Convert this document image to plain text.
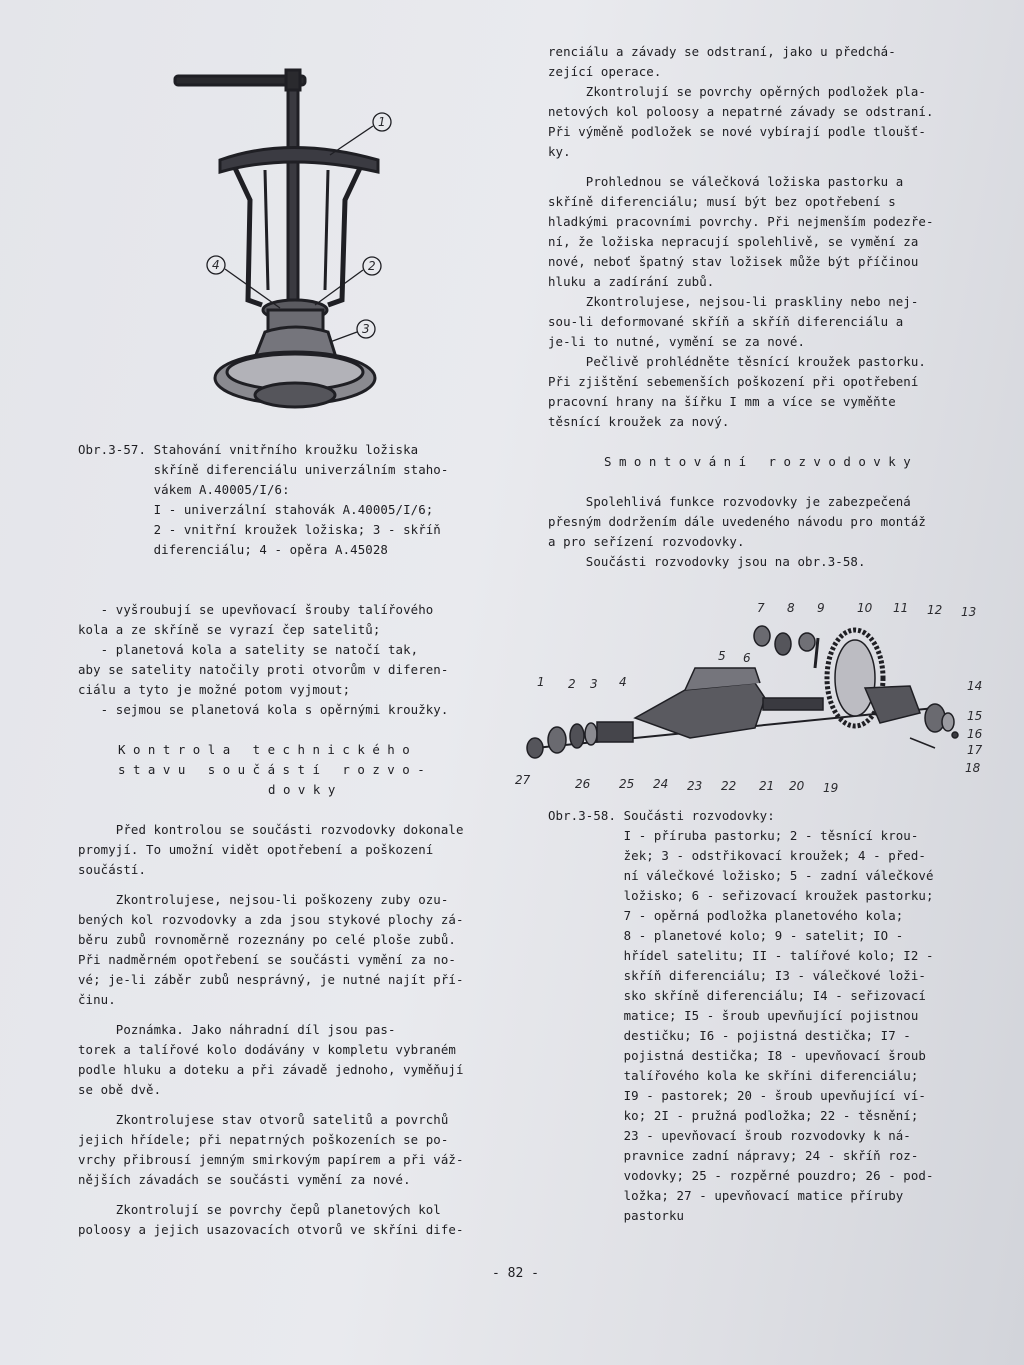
1
2
3
4

Obr.3-57. Stahování vnitřního kroužku ložiska

skříně diferenciálu univerzálním staho-

vákem A.40005/I/6:

I - univerzální stahovák A.40005/I/6;

2 - vnitřní kroužek ložiska; 3 - skříň

diferenciálu; 4 - opěra A.45028

- vyšroubují se upevňovací šrouby talířového

kola a ze skříně se vyrazí čep satelitů;

- planetová kola a satelity se natočí tak,

aby se satelity natočily proti otvorům v diferen-

ciálu a tyto je možné potom vyjmout;

- sejmou se planetová kola s opěrnými kroužky.

Kontrola technického

stavu součástí rozvo-

dovky

Před kontrolou se součásti rozvodovky dokonale

promyjí. To umožní vidět opotřebení a poškození

součástí.

Zkontrolujese, nejsou-li poškozeny zuby ozu-

bených kol rozvodovky a zda jsou stykové plochy zá-

běru zubů rovnoměrně rozeznány po celé ploše zubů.

Při nadměrném opotřebení se součásti vymění za no-

vé; je-li záběr zubů nesprávný, je nutné najít pří-

činu.

Poznámka. Jako náhradní díl jsou pas-

torek a talířové kolo dodávány v kompletu vybraném

podle hluku a doteku a při závadě jednoho, vyměňují

se obě dvě.

Zkontrolujese stav otvorů satelitů a povrchů

jejich hřídele; při nepatrných poškozeních se po-

vrchy přibrousí jemným smirkovým papírem a při váž-

nějších závadách se součásti vymění za nové.

Zkontrolují se povrchy čepů planetových kol

poloosy a jejich usazovacích otvorů ve skříni dife-

renciálu a závady se odstraní, jako u předchá-

zející operace.

Zkontrolují se povrchy opěrných podložek pla-

netových kol poloosy a nepatrné závady se odstraní.

Při výměně podložek se nové vybírají podle tloušť-

ky.

Prohlednou se válečková ložiska pastorku a

skříně diferenciálu; musí být bez opotřebení s

hladkými pracovními povrchy. Při nejmenším podezře-

ní, že ložiska nepracují spolehlivě, se vymění za

nové, neboť špatný stav ložisek může být příčinou

hluku a zadírání zubů.

Zkontrolujese, nejsou-li praskliny nebo nej-

sou-li deformované skříň a skříň diferenciálu a

je-li to nutné, vymění se za nové.

Pečlivě prohlédněte těsnící kroužek pastorku.

Při zjištění sebemenších poškození při opotřebení

pracovní hrany na šířku I mm a více se vyměňte

těsnící kroužek za nový.

Smontování rozvodovky

Spolehlivá funkce rozvodovky je zabezpečená

přesným dodržením dále uvedeného návodu pro montáž

a pro seřízení rozvodovky.

Součásti rozvodovky jsou na obr.3-58.

7 8 9	10 11 12 13
5 6
1 2 3 4	14
15
16
17
18
19
20
21
22
23
24
25
26
27

Obr.3-58. Součásti rozvodovky:

I - příruba pastorku; 2 - těsnící krou-

žek; 3 - odstřikovací kroužek; 4 - před-

ní válečkové ložisko; 5 - zadní válečkové

ložisko; 6 - seřizovací kroužek pastorku;

7 - opěrná podložka planetového kola;

8 - planetové kolo; 9 - satelit; IO -

hřídel satelitu; II - talířové kolo; I2 -

skříň diferenciálu; I3 - válečkové loži-

sko skříně diferenciálu; I4 - seřizovací

matice; I5 - šroub upevňující pojistnou

destičku; I6 - pojistná destička; I7 -

pojistná destička; I8 - upevňovací šroub

talířového kola ke skříni diferenciálu;

I9 - pastorek; 20 - šroub upevňující ví-

ko; 2I - pružná podložka; 22 - těsnění;

23 - upevňovací šroub rozvodovky k ná-

pravnice zadní nápravy; 24 - skříň roz-

vodovky; 25 - rozpěrné pouzdro; 26 - pod-

ložka; 27 - upevňovací matice příruby

pastorku

- 82 -
